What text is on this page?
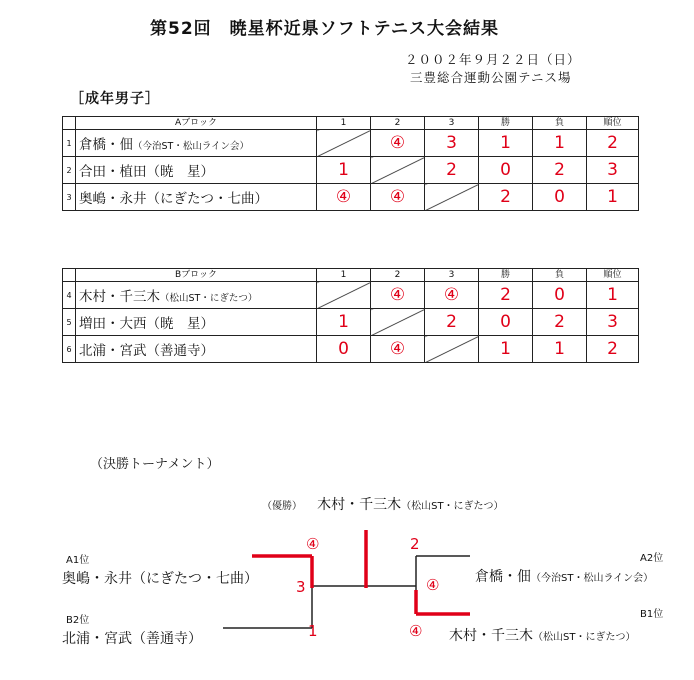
第52回　暁星杯近県ソフトテニス大会結果
２００２年９月２２日（日）
三豊総合運動公園テニス場
［成年男子］
	Aブロック	1	2	3	勝	負	順位
1	倉橋・佃（今治ST・松山ライン会）		④	3	1	1	2
2	合田・植田（暁　星）	1		2	0	2	3
3	奥嶋・永井（にぎたつ・七曲）	④	④		2	0	1
	Bブロック	1	2	3	勝	負	順位
4	木村・千三木（松山ST・にぎたつ）		④	④	2	0	1
5	増田・大西（暁　星）	1		2	0	2	3
6	北浦・宮武（善通寺）	0	④		1	1	2
（決勝トーナメント）
（優勝） 木村・千三木（松山ST・にぎたつ）
A1位
奥嶋・永井（にぎたつ・七曲）
B2位
北浦・宮武（善通寺）
A2位
倉橋・佃（今治ST・松山ライン会）
B1位
木村・千三木（松山ST・にぎたつ）
④
1
3
2
④
④
